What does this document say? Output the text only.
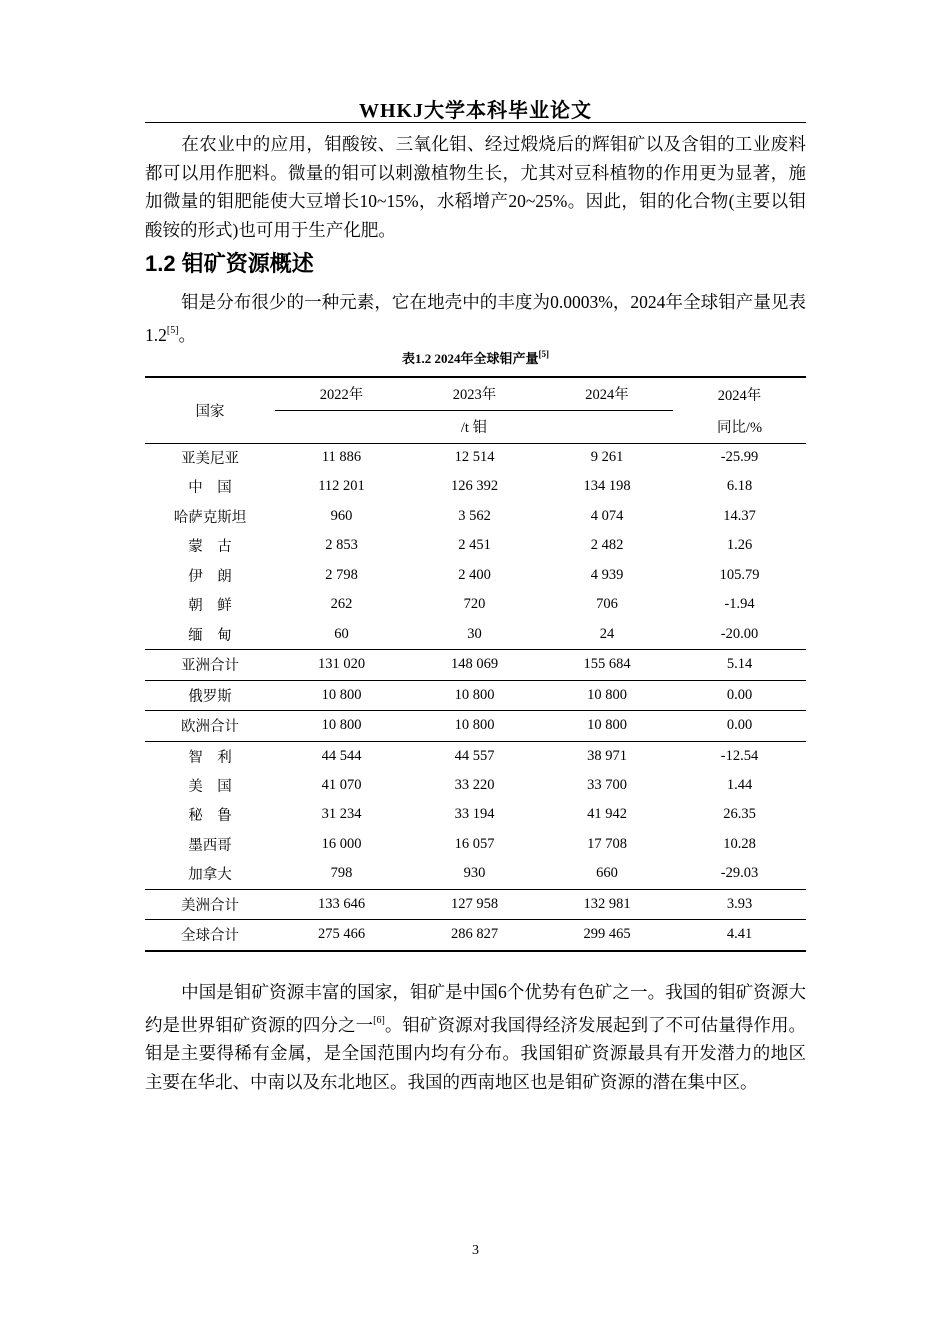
WHKJ大学本科毕业论文

在农业中的应用，钼酸铵、三氧化钼、经过煅烧后的辉钼矿以及含钼的工业废料都可以用作肥料。微量的钼可以刺激植物生长，尤其对豆科植物的作用更为显著，施加微量的钼肥能使大豆增长10~15%，水稻增产20~25%。因此，钼的化合物(主要以钼酸铵的形式)也可用于生产化肥。

1.2 钼矿资源概述

钼是分布很少的一种元素，它在地壳中的丰度为0.0003%，2024年全球钼产量见表1.2[5]。

表1.2 2024年全球钼产量[5]
国家	2022年	2023年	2024年	2024年
	/t 钼			同比/%
亚美尼亚	11 886	12 514	9 261	-25.99
中　国	112 201	126 392	134 198	6.18
哈萨克斯坦	960	3 562	4 074	14.37
蒙　古	2 853	2 451	2 482	1.26
伊　朗	2 798	2 400	4 939	105.79
朝　鲜	262	720	706	-1.94
缅　甸	60	30	24	-20.00
亚洲合计	131 020	148 069	155 684	5.14
俄罗斯	10 800	10 800	10 800	0.00
欧洲合计	10 800	10 800	10 800	0.00
智　利	44 544	44 557	38 971	-12.54
美　国	41 070	33 220	33 700	1.44
秘　鲁	31 234	33 194	41 942	26.35
墨西哥	16 000	16 057	17 708	10.28
加拿大	798	930	660	-29.03
美洲合计	133 646	127 958	132 981	3.93
全球合计	275 466	286 827	299 465	4.41

中国是钼矿资源丰富的国家，钼矿是中国6个优势有色矿之一。我国的钼矿资源大约是世界钼矿资源的四分之一[6]。钼矿资源对我国得经济发展起到了不可估量得作用。钼是主要得稀有金属，是全国范围内均有分布。我国钼矿资源最具有开发潜力的地区主要在华北、中南以及东北地区。我国的西南地区也是钼矿资源的潜在集中区。

3
